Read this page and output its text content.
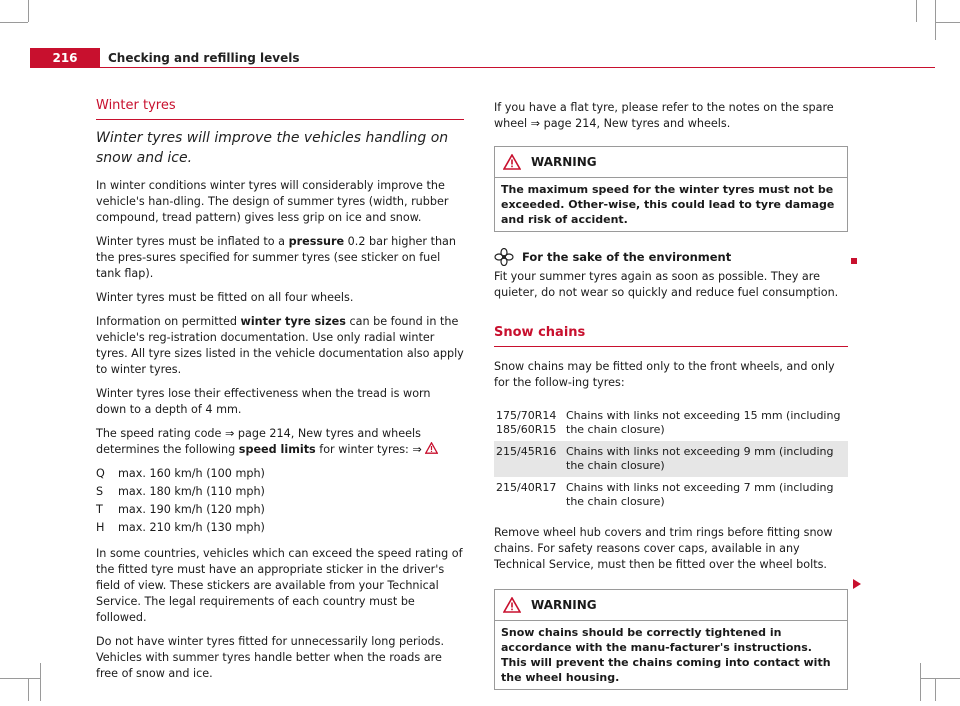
216	Checking and refilling levels
Winter tyres
Winter tyres will improve the vehicles handling on snow and ice.

In winter conditions winter tyres will considerably improve the vehicle's han-dling. The design of summer tyres (width, rubber compound, tread pattern) gives less grip on ice and snow.

Winter tyres must be inflated to a pressure 0.2 bar higher than the pres-sures specified for summer tyres (see sticker on fuel tank flap).

Winter tyres must be fitted on all four wheels.

Information on permitted winter tyre sizes can be found in the vehicle's reg-istration documentation. Use only radial winter tyres. All tyre sizes listed in the vehicle documentation also apply to winter tyres.

Winter tyres lose their effectiveness when the tread is worn down to a depth of 4 mm.

The speed rating code ⇒ page 214, New tyres and wheels determines the following speed limits for winter tyres: ⇒

Q	max. 160 km/h (100 mph)
S	max. 180 km/h (110 mph)
T	max. 190 km/h (120 mph)
H	max. 210 km/h (130 mph)

In some countries, vehicles which can exceed the speed rating of the fitted tyre must have an appropriate sticker in the driver's field of view. These stickers are available from your Technical Service. The legal requirements of each country must be followed.

Do not have winter tyres fitted for unnecessarily long periods. Vehicles with summer tyres handle better when the roads are free of snow and ice.

If you have a flat tyre, please refer to the notes on the spare wheel ⇒ page 214, New tyres and wheels.

WARNING
The maximum speed for the winter tyres must not be exceeded. Other-wise, this could lead to tyre damage and risk of accident.
For the sake of the environment

Fit your summer tyres again as soon as possible. They are quieter, do not wear so quickly and reduce fuel consumption.

Snow chains

Snow chains may be fitted only to the front wheels, and only for the follow-ing tyres:

175/70R14
185/60R15	Chains with links not exceeding 15 mm (including the chain closure)
215/45R16	Chains with links not exceeding 9 mm (including the chain closure)
215/40R17	Chains with links not exceeding 7 mm (including the chain closure)

Remove wheel hub covers and trim rings before fitting snow chains. For safety reasons cover caps, available in any Technical Service, must then be fitted over the wheel bolts.

WARNING
Snow chains should be correctly tightened in accordance with the manu-facturer's instructions. This will prevent the chains coming into contact with the wheel housing.
